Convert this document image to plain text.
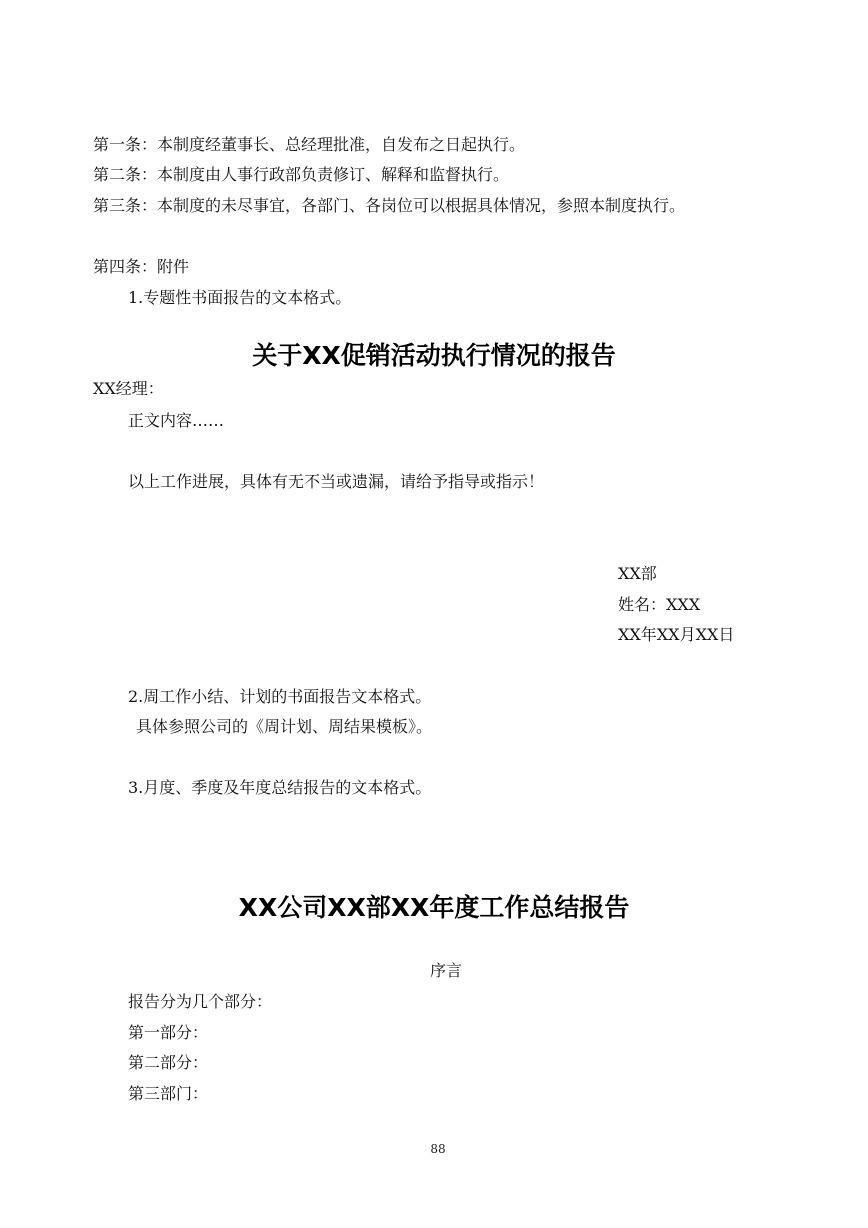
第一条：本制度经董事长、总经理批准，自发布之日起执行。
第二条：本制度由人事行政部负责修订、解释和监督执行。
第三条：本制度的未尽事宜，各部门、各岗位可以根据具体情况，参照本制度执行。
第四条：附件
1.专题性书面报告的文本格式。
关于XX促销活动执行情况的报告
XX经理：
正文内容……
以上工作进展，具体有无不当或遗漏，请给予指导或指示！
XX部
姓名：XXX
XX年XX月XX日
2.周工作小结、计划的书面报告文本格式。
具体参照公司的《周计划、周结果模板》。
3.月度、季度及年度总结报告的文本格式。
XX公司XX部XX年度工作总结报告
序言
报告分为几个部分：
第一部分：
第二部分：
第三部门：
88
